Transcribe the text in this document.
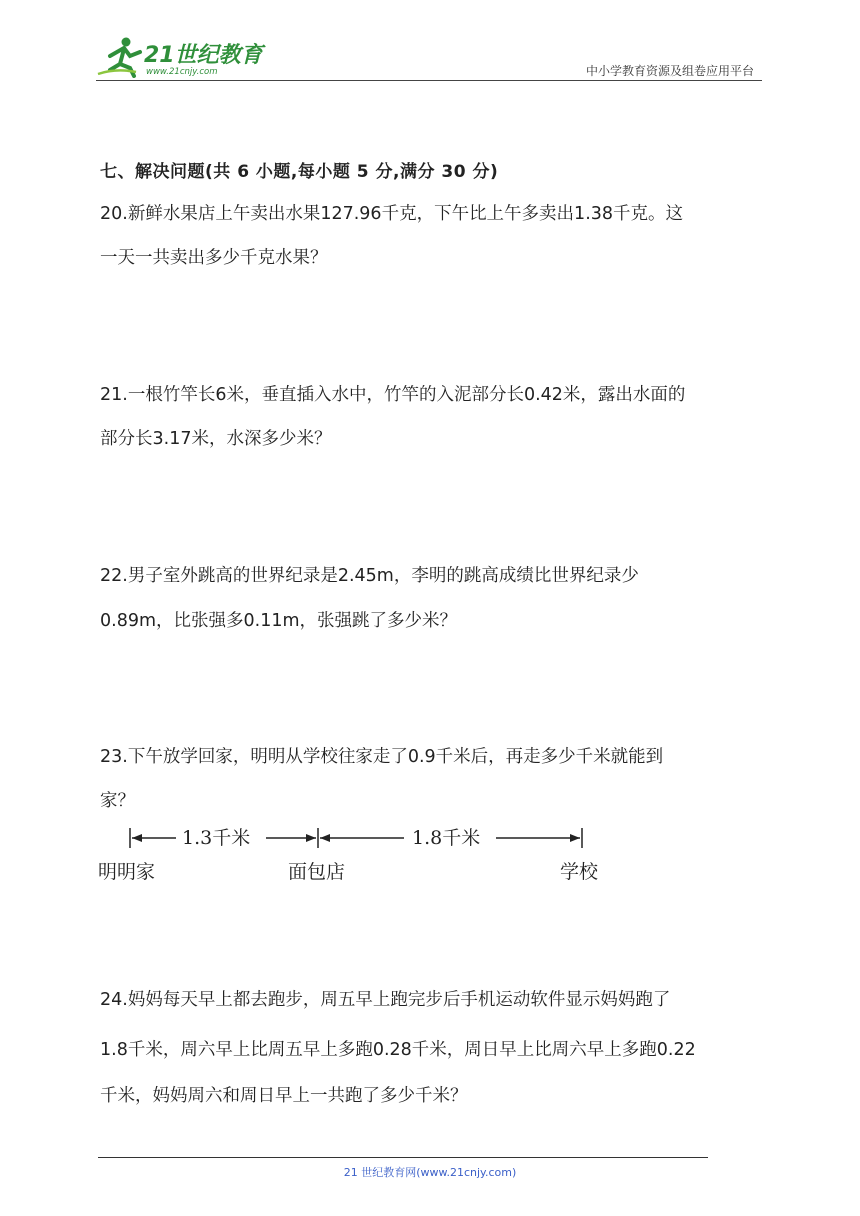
21世纪教育
www.21cnjy.com	中小学教育资源及组卷应用平台
七、解决问题(共 6 小题,每小题 5 分,满分 30 分)
20.新鲜水果店上午卖出水果127.96千克，下午比上午多卖出1.38千克。这
一天一共卖出多少千克水果？
21.一根竹竿长6米，垂直插入水中，竹竿的入泥部分长0.42米，露出水面的
部分长3.17米，水深多少米？
22.男子室外跳高的世界纪录是2.45m，李明的跳高成绩比世界纪录少
0.89m，比张强多0.11m，张强跳了多少米？
23.下午放学回家，明明从学校往家走了0.9千米后，再走多少千米就能到
家？
1.3千米	1.8千米
明明家	面包店	学校
24.妈妈每天早上都去跑步，周五早上跑完步后手机运动软件显示妈妈跑了
1.8千米，周六早上比周五早上多跑0.28千米，周日早上比周六早上多跑0.22
千米，妈妈周六和周日早上一共跑了多少千米？
21 世纪教育网(www.21cnjy.com)
